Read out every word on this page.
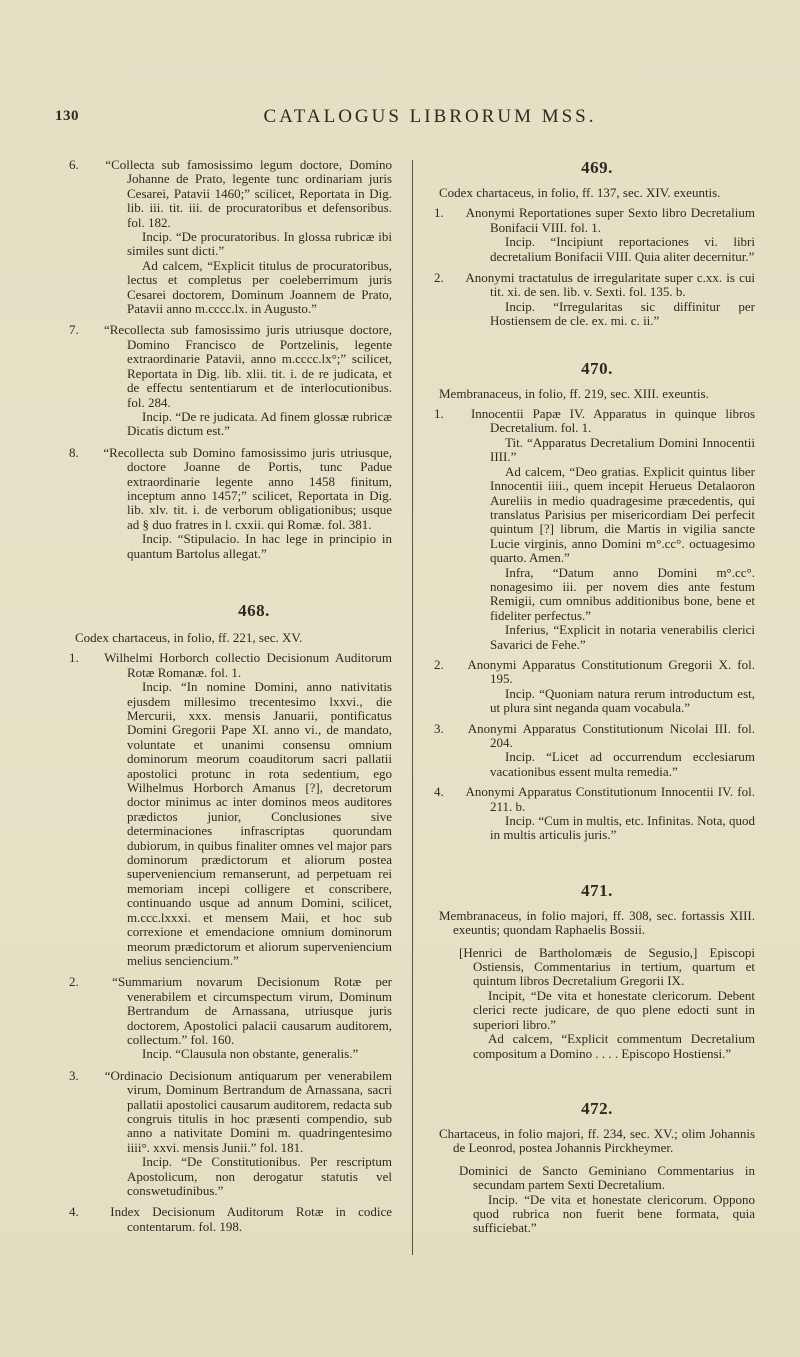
130	CATALOGUS LIBRORUM MSS.

6. “Collecta sub famosissimo legum doctore, Domino Johanne de Prato, legente tunc ordinariam juris Cesarei, Patavii 1460;” scilicet, Reportata in Dig. lib. iii. tit. iii. de procuratoribus et defensoribus. fol. 182.

Incip. “De procuratoribus. In glossa rubricæ ibi similes sunt dicti.”

Ad calcem, “Explicit titulus de procuratoribus, lectus et completus per coeleberrimum juris Cesarei doctorem, Dominum Joannem de Prato, Patavii anno m.cccc.lx. in Augusto.”

7. “Recollecta sub famosissimo juris utriusque doctore, Domino Francisco de Portzelinis, legente extraordinarie Patavii, anno m.cccc.lx°;” scilicet, Reportata in Dig. lib. xlii. tit. i. de re judicata, et de effectu sententiarum et de interlocutionibus. fol. 284.

Incip. “De re judicata. Ad finem glossæ rubricæ Dicatis dictum est.”

8. “Recollecta sub Domino famosissimo juris utriusque, doctore Joanne de Portis, tunc Padue extraordinarie legente anno 1458 finitum, inceptum anno 1457;” scilicet, Reportata in Dig. lib. xlv. tit. i. de verborum obligationibus; usque ad § duo fratres in l. cxxii. qui Romæ. fol. 381.

Incip. “Stipulacio. In hac lege in principio in quantum Bartolus allegat.”

468.

Codex chartaceus, in folio, ff. 221, sec. XV.

1. Wilhelmi Horborch collectio Decisionum Auditorum Rotæ Romanæ. fol. 1.

Incip. “In nomine Domini, anno nativitatis ejusdem millesimo trecentesimo lxxvi., die Mercurii, xxx. mensis Januarii, pontificatus Domini Gregorii Pape XI. anno vi., de mandato, voluntate et unanimi consensu omnium dominorum meorum coauditorum sacri pallatii apostolici protunc in rota sedentium, ego Wilhelmus Horborch Amanus [?], decretorum doctor minimus ac inter dominos meos auditores prædictos junior, Conclusiones sive determinaciones infrascriptas quorundam dubiorum, in quibus finaliter omnes vel major pars dominorum prædictorum et aliorum postea superveniencium remanserunt, ad perpetuam rei memoriam incepi colligere et conscribere, continuando usque ad annum Domini, scilicet, m.ccc.lxxxi. et mensem Maii, et hoc sub correxione et emendacione omnium dominorum meorum prædictorum et aliorum superveniencium melius senciencium.”

2.	“Summarium novarum Decisionum Rotæ per venerabilem et circumspectum virum, Dominum Bertrandum de Arnassana, utriusque juris doctorem, Apostolici palacii causarum auditorem, collectum.” fol. 160.

Incip. “Clausula non obstante, generalis.”

3. “Ordinacio Decisionum antiquarum per venerabilem virum, Dominum Bertrandum de Arnassana, sacri pallatii apostolici causarum auditorem, redacta sub congruis titulis in hoc præsenti compendio, sub anno a nativitate Domini m. quadringentesimo iiii°. xxvi. mensis Junii.” fol. 181.

Incip. “De Constitutionibus. Per rescriptum Apostolicum, non derogatur statutis vel conswetudinibus.”

4. Index Decisionum Auditorum Rotæ in codice contentarum. fol. 198.

469.

Codex chartaceus, in folio, ff. 137, sec. XIV. exeuntis.

1. Anonymi Reportationes super Sexto libro Decretalium Bonifacii VIII. fol. 1.

Incip. “Incipiunt reportaciones vi. libri decretalium Bonifacii VIII. Quia aliter decernitur.”

2. Anonymi tractatulus de irregularitate super c.xx. is cui tit. xi. de sen. lib. v. Sexti. fol. 135. b.

Incip. “Irregularitas sic diffinitur per Hostiensem de cle. ex. mi. c. ii.”

470.

Membranaceus, in folio, ff. 219, sec. XIII. exeuntis.

1. Innocentii Papæ IV. Apparatus in quinque libros Decretalium. fol. 1.

Tit. “Apparatus Decretalium Domini Innocentii IIII.”

Ad calcem, “Deo gratias. Explicit quintus liber Innocentii iiii., quem incepit Herueus Detalaoron Aureliis in medio quadragesime præcedentis, qui translatus Parisius per misericordiam Dei perfecit quintum [?] librum, die Martis in vigilia sancte Lucie virginis, anno Domini m°.cc°. octuagesimo quarto. Amen.”

Infra, “Datum anno Domini m°.cc°. nonagesimo iii. per novem dies ante festum Remigii, cum omnibus additionibus bone, bene et fideliter perfectus.”

Inferius, “Explicit in notaria venerabilis clerici Savarici de Fehe.”

2. Anonymi Apparatus Constitutionum Gregorii X. fol. 195.

Incip. “Quoniam natura rerum introductum est, ut plura sint neganda quam vocabula.”

3. Anonymi Apparatus Constitutionum Nicolai III. fol. 204.

Incip. “Licet ad occurrendum ecclesiarum vacationibus essent multa remedia.”

4. Anonymi Apparatus Constitutionum Innocentii IV. fol. 211. b.

Incip. “Cum in multis, etc. Infinitas. Nota, quod in multis articulis juris.”

471.

Membranaceus, in folio majori, ff. 308, sec. fortassis XIII. exeuntis; quondam Raphaelis Bossii.

[Henrici de Bartholomæis de Segusio,] Episcopi Ostiensis, Commentarius in tertium, quartum et quintum libros Decretalium Gregorii IX.

Incipit, “De vita et honestate clericorum. Debent clerici recte judicare, de quo plene edocti sunt in superiori libro.”

Ad calcem, “Explicit commentum Decretalium compositum a Domino . . . . Episcopo Hostiensi.”

472.

Chartaceus, in folio majori, ff. 234, sec. XV.; olim Johannis de Leonrod, postea Johannis Pirckheymer.

Dominici de Sancto Geminiano Commentarius in secundam partem Sexti Decretalium.

Incip. “De vita et honestate clericorum. Oppono quod rubrica non fuerit bene formata, quia sufficiebat.”
